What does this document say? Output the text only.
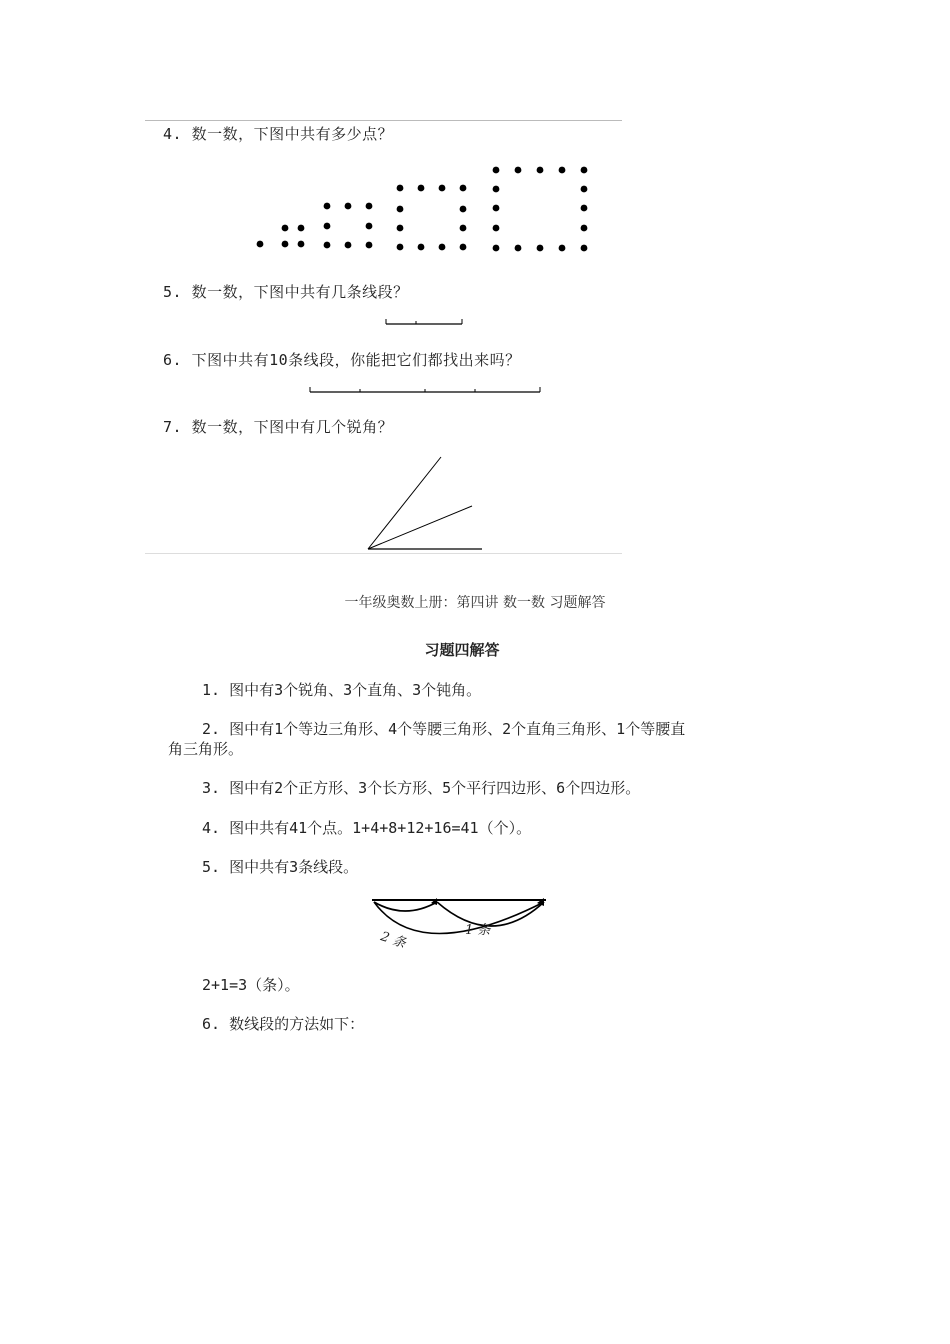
4. 数一数，下图中共有多少点？
5. 数一数，下图中共有几条线段？
6. 下图中共有10条线段，你能把它们都找出来吗？
7. 数一数，下图中有几个锐角？
一年级奥数上册：第四讲 数一数 习题解答
习题四解答
1. 图中有3个锐角、3个直角、3个钝角。
2. 图中有1个等边三角形、4个等腰三角形、2个直角三角形、1个等腰直
角三角形。
3. 图中有2个正方形、3个长方形、5个平行四边形、6个四边形。
4. 图中共有41个点。1+4+8+12+16=41（个）。
5. 图中共有3条线段。
1 条
2 条
2+1=3（条）。
6. 数线段的方法如下：
